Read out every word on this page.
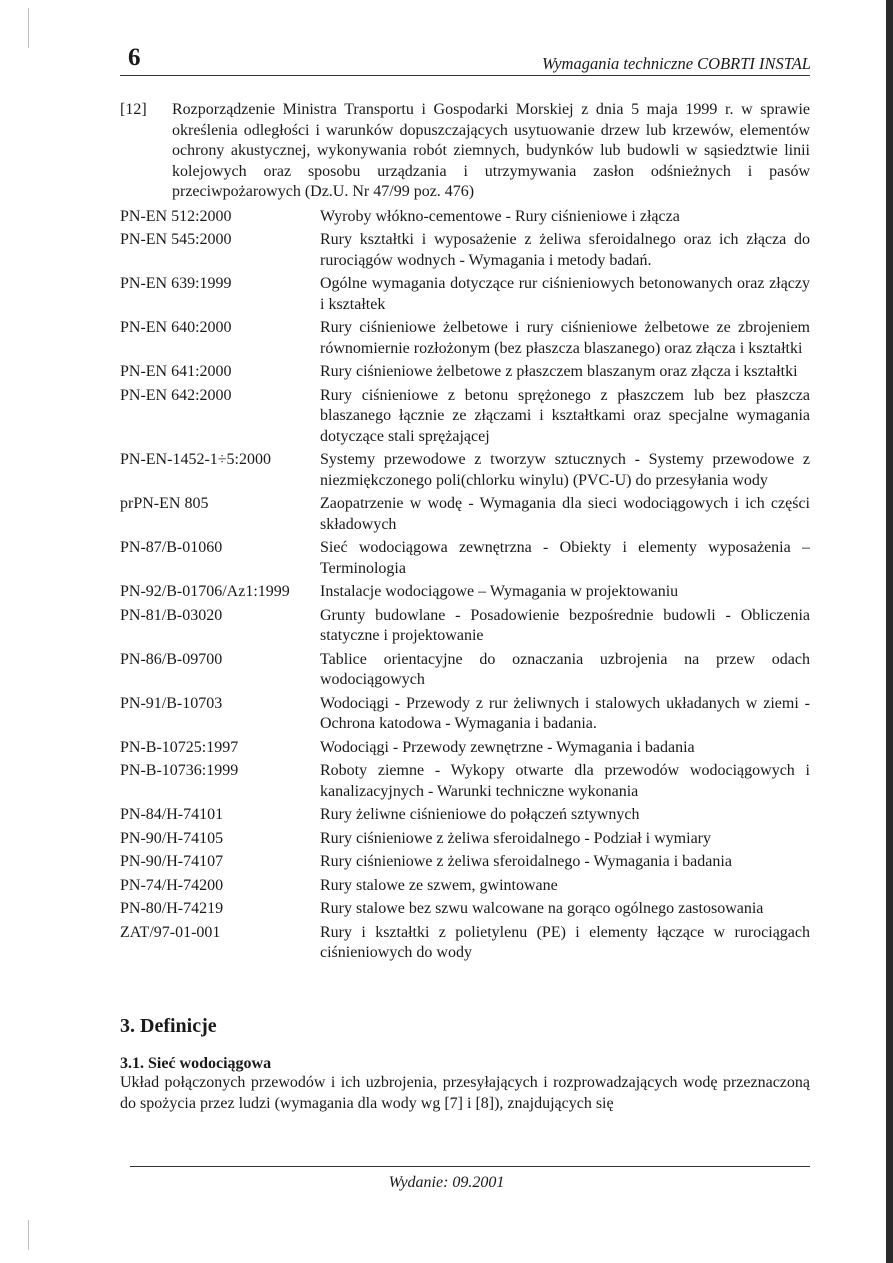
6	Wymagania techniczne COBRTI INSTAL
[12]	Rozporządzenie Ministra Transportu i Gospodarki Morskiej z dnia 5 maja 1999 r. w sprawie określenia odległości i warunków dopuszczających usytuowanie drzew lub krzewów, elementów ochrony akustycznej, wykonywania robót ziemnych, budynków lub budowli w sąsiedztwie linii kolejowych oraz sposobu urządzania i utrzymywania zasłon odśnieżnych i pasów przeciwpożarowych (Dz.U. Nr 47/99 poz. 476)
PN-EN 512:2000	Wyroby włókno-cementowe - Rury ciśnieniowe i złącza
PN-EN 545:2000	Rury kształtki i wyposażenie z żeliwa sferoidalnego oraz ich złącza do rurociągów wodnych - Wymagania i metody badań.
PN-EN 639:1999	Ogólne wymagania dotyczące rur ciśnieniowych betonowanych oraz złączy i kształtek
PN-EN 640:2000	Rury ciśnieniowe żelbetowe i rury ciśnieniowe żelbetowe ze zbrojeniem równomiernie rozłożonym (bez płaszcza blaszanego) oraz złącza i kształtki
PN-EN 641:2000	Rury ciśnieniowe żelbetowe z płaszczem blaszanym oraz złącza i kształtki
PN-EN 642:2000	Rury ciśnieniowe z betonu sprężonego z płaszczem lub bez płaszcza blaszanego łącznie ze złączami i kształtkami oraz specjalne wymagania dotyczące stali sprężającej
PN-EN-1452-1÷5:2000	Systemy przewodowe z tworzyw sztucznych - Systemy przewodowe z niezmiękczonego poli(chlorku winylu) (PVC-U) do przesyłania wody
prPN-EN 805	Zaopatrzenie w wodę - Wymagania dla sieci wodociągowych i ich części składowych
PN-87/B-01060	Sieć wodociągowa zewnętrzna - Obiekty i elementy wyposażenia – Terminologia
PN-92/B-01706/Az1:1999	Instalacje wodociągowe – Wymagania w projektowaniu
PN-81/B-03020	Grunty budowlane - Posadowienie bezpośrednie budowli - Obliczenia statyczne i projektowanie
PN-86/B-09700	Tablice orientacyjne do oznaczania uzbrojenia na przew odach wodociągowych
PN-91/B-10703	Wodociągi - Przewody z rur żeliwnych i stalowych układanych w ziemi - Ochrona katodowa - Wymagania i badania.
PN-B-10725:1997	Wodociągi - Przewody zewnętrzne - Wymagania i badania
PN-B-10736:1999	Roboty ziemne - Wykopy otwarte dla przewodów wodociągowych i kanalizacyjnych - Warunki techniczne wykonania
PN-84/H-74101	Rury żeliwne ciśnieniowe do połączeń sztywnych
PN-90/H-74105	Rury ciśnieniowe z żeliwa sferoidalnego - Podział i wymiary
PN-90/H-74107	Rury ciśnieniowe z żeliwa sferoidalnego - Wymagania i badania
PN-74/H-74200	Rury stalowe ze szwem, gwintowane
PN-80/H-74219	Rury stalowe bez szwu walcowane na gorąco ogólnego zastosowania
ZAT/97-01-001	Rury i kształtki z polietylenu (PE) i elementy łączące w rurociągach ciśnieniowych do wody
3. Definicje
3.1. Sieć wodociągowa
Układ połączonych przewodów i ich uzbrojenia, przesyłających i rozprowadzających wodę przeznaczoną do spożycia przez ludzi (wymagania dla wody wg [7] i [8]), znajdujących się
Wydanie: 09.2001
